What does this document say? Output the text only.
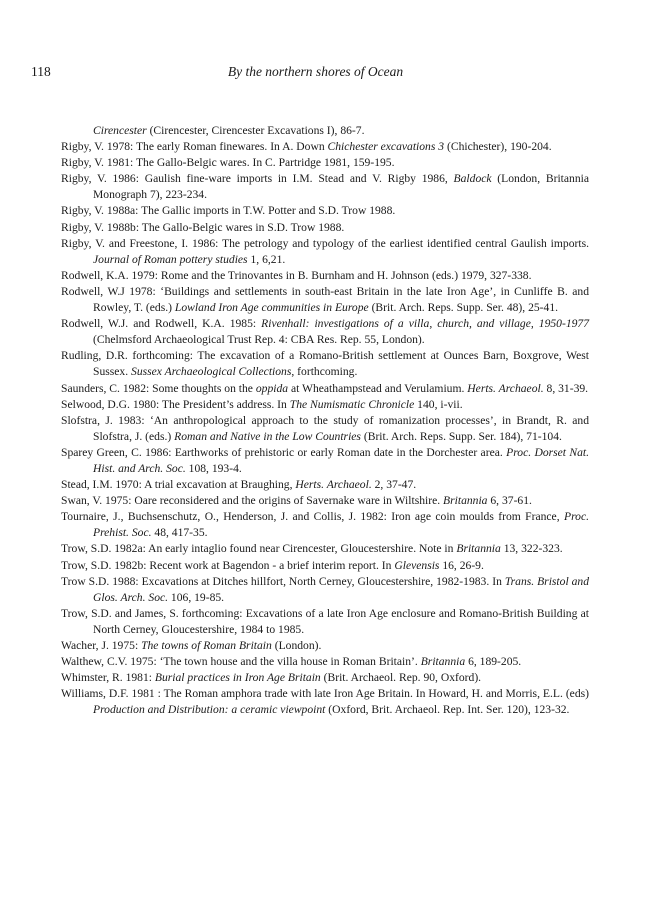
118	By the northern shores of Ocean

Cirencester (Cirencester, Cirencester Excavations I), 86-7.

Rigby, V. 1978: The early Roman finewares. In A. Down Chichester excavations 3 (Chichester), 190-204.

Rigby, V. 1981: The Gallo-Belgic wares. In C. Partridge 1981, 159-195.

Rigby, V. 1986: Gaulish fine-ware imports in I.M. Stead and V. Rigby 1986, Baldock (London, Britannia Monograph 7), 223-234.

Rigby, V. 1988a: The Gallic imports in T.W. Potter and S.D. Trow 1988.

Rigby, V. 1988b: The Gallo-Belgic wares in S.D. Trow 1988.

Rigby, V. and Freestone, I. 1986: The petrology and typology of the earliest identified central Gaulish imports. Journal of Roman pottery studies 1, 6,21.

Rodwell, K.A. 1979: Rome and the Trinovantes in B. Burnham and H. Johnson (eds.) 1979, 327-338.

Rodwell, W.J 1978: ‘Buildings and settlements in south-east Britain in the late Iron Age’, in Cunliffe B. and Rowley, T. (eds.) Lowland Iron Age communities in Europe (Brit. Arch. Reps. Supp. Ser. 48), 25-41.

Rodwell, W.J. and Rodwell, K.A. 1985: Rivenhall: investigations of a villa, church, and village, 1950-1977 (Chelmsford Archaeological Trust Rep. 4: CBA Res. Rep. 55, London).

Rudling, D.R. forthcoming: The excavation of a Romano-British settlement at Ounces Barn, Boxgrove, West Sussex. Sussex Archaeological Collections, forthcoming.

Saunders, C. 1982: Some thoughts on the oppida at Wheathampstead and Verulamium. Herts. Archaeol. 8, 31-39.

Selwood, D.G. 1980: The President’s address. In The Numismatic Chronicle 140, i-vii.

Slofstra, J. 1983: ‘An anthropological approach to the study of romanization processes’, in Brandt, R. and Slofstra, J. (eds.) Roman and Native in the Low Countries (Brit. Arch. Reps. Supp. Ser. 184), 71-104.

Sparey Green, C. 1986: Earthworks of prehistoric or early Roman date in the Dorchester area. Proc. Dorset Nat. Hist. and Arch. Soc. 108, 193-4.

Stead, I.M. 1970: A trial excavation at Braughing, Herts. Archaeol. 2, 37-47.

Swan, V. 1975: Oare reconsidered and the origins of Savernake ware in Wiltshire. Britannia 6, 37-61.

Tournaire, J., Buchsenschutz, O., Henderson, J. and Collis, J. 1982: Iron age coin moulds from France, Proc. Prehist. Soc. 48, 417-35.

Trow, S.D. 1982a: An early intaglio found near Cirencester, Gloucestershire. Note in Britannia 13, 322-323.

Trow, S.D. 1982b: Recent work at Bagendon - a brief interim report. In Glevensis 16, 26-9.

Trow S.D. 1988: Excavations at Ditches hillfort, North Cerney, Gloucestershire, 1982-1983. In Trans. Bristol and Glos. Arch. Soc. 106, 19-85.

Trow, S.D. and James, S. forthcoming: Excavations of a late Iron Age enclosure and Romano-British Building at North Cerney, Gloucestershire, 1984 to 1985.

Wacher, J. 1975: The towns of Roman Britain (London).

Walthew, C.V. 1975: ‘The town house and the villa house in Roman Britain’. Britannia 6, 189-205.

Whimster, R. 1981: Burial practices in Iron Age Britain (Brit. Archaeol. Rep. 90, Oxford).

Williams, D.F. 1981 : The Roman amphora trade with late Iron Age Britain. In Howard, H. and Morris, E.L. (eds) Production and Distribution: a ceramic viewpoint (Oxford, Brit. Archaeol. Rep. Int. Ser. 120), 123-32.
